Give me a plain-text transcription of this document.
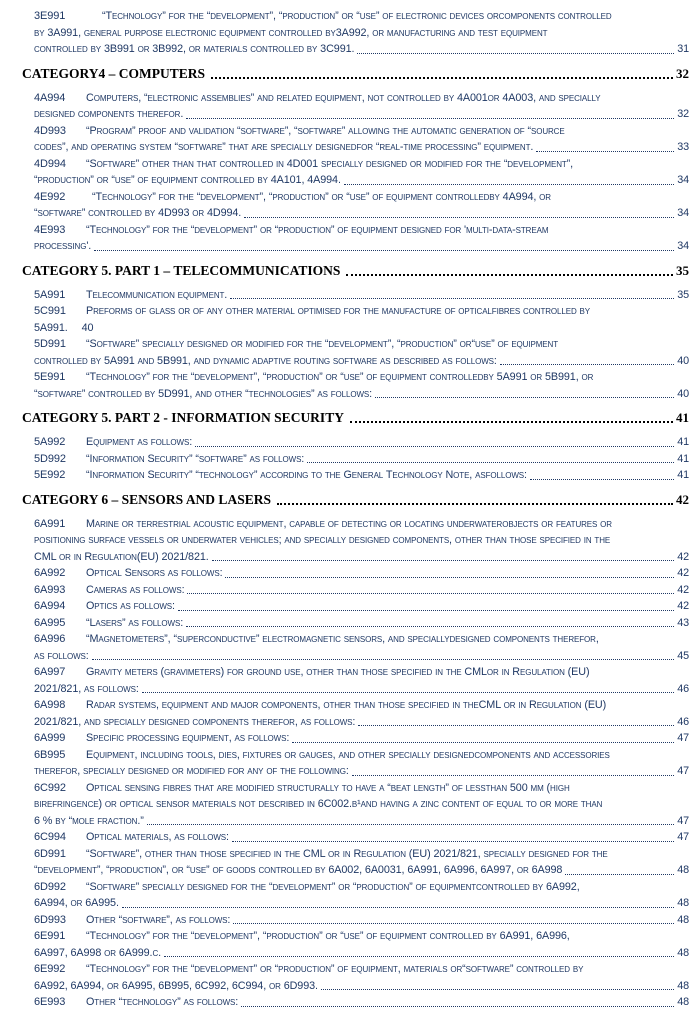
3E991	“Technology” for the “development”, “production” or “use” of electronic devices orcomponents controlled
by 3A991, general purpose electronic equipment controlled by3A992, or manufacturing and test equipment
controlled by 3B991 or 3B992, or materials controlled by 3C991.	31
CATEGORY4 – COMPUTERS	32
4A994 Computers, “electronic assemblies” and related equipment, not controlled by 4A001or 4A003, and specially
designed components therefor.	32
4D993 “Program” proof and validation “software”, “software” allowing the automatic generation of “source
codes”, and operating system “software” that are specially designedfor “real-time processing” equipment.	33
4D994 “Software” other than that controlled in 4D001 specially designed or modified for the “development”,
“production” or “use” of equipment controlled by 4A101, 4A994.	34
4E992 “Technology” for the “development”, “production” or “use” of equipment controlledby 4A994, or
“software” controlled by 4D993 or 4D994.	34
4E993 “Technology” for the “development” or “production” of equipment designed for 'multi-data-stream
processing'.	34
CATEGORY 5. PART 1 – TELECOMMUNICATIONS	35
5A991	Telecommunication equipment.	35
5C991 Preforms of glass or of any other material optimised for the manufacture of opticalfibres controlled by
5A991. 40
5D991 “Software” specially designed or modified for the “development”, “production” or“use” of equipment
controlled by 5A991 and 5B991, and dynamic adaptive routing software as described as follows:	40
5E991 “Technology” for the “development”, “production” or “use” of equipment controlledby 5A991 or 5B991, or
“software” controlled by 5D991, and other “technologies” as follows:	40
CATEGORY 5. PART 2 - INFORMATION SECURITY	41
5A992	Equipment as follows:	41
5D992	“Information Security” “software” as follows:	41
5E992	“Information Security” “technology” according to the General Technology Note, asfollows:	41
CATEGORY 6 – SENSORS AND LASERS	42
6A991 Marine or terrestrial acoustic equipment, capable of detecting or locating underwaterobjects or features or
positioning surface vessels or underwater vehicles; and specially designed components, other than those specified in the
CML or in Regulation(EU) 2021/821.	42
6A992	Optical Sensors as follows:	42
6A993	Cameras as follows:	42
6A994	Optics as follows:	42
6A995	“Lasers” as follows:	43
6A996 “Magnetometers”, “superconductive” electromagnetic sensors, and speciallydesigned components therefor,
as follows:	45
6A997 Gravity meters (gravimeters) for ground use, other than those specified in the CMLor in Regulation (EU)
2021/821, as follows:	46
6A998 Radar systems, equipment and major components, other than those specified in theCML or in Regulation (EU)
2021/821, and specially designed components therefor, as follows:	46
6A999	Specific processing equipment, as follows:	47
6B995 Equipment, including tools, dies, fixtures or gauges, and other specially designedcomponents and accessories
therefor, specially designed or modified for any of the following:	47
6C992 Optical sensing fibres that are modified structurally to have a “beat length” of lessthan 500 mm (high
birefringence) or optical sensor materials not described in 6C002.b¹and having a zinc content of equal to or more than
6 % by “mole fraction.”	47
6C994	Optical materials, as follows:	47
6D991 “Software”, other than those specified in the CML or in Regulation (EU) 2021/821, specially designed for the
“development”, “production”, or “use” of goods controlled by 6A002, 6A0031, 6A991, 6A996, 6A997, or 6A998	48
6D992 “Software” specially designed for the “development” or “production” of equipmentcontrolled by 6A992,
6A994, or 6A995.	48
6D993	Other “software”, as follows:	48
6E991 “Technology” for the “development”, “production” or “use” of equipment controlled by 6A991, 6A996,
6A997, 6A998 or 6A999.c.	48
6E992 “Technology” for the “development” or “production” of equipment, materials or“software” controlled by
6A992, 6A994, or 6A995, 6B995, 6C992, 6C994, or 6D993.	48
6E993	Other “technology” as follows:	48
